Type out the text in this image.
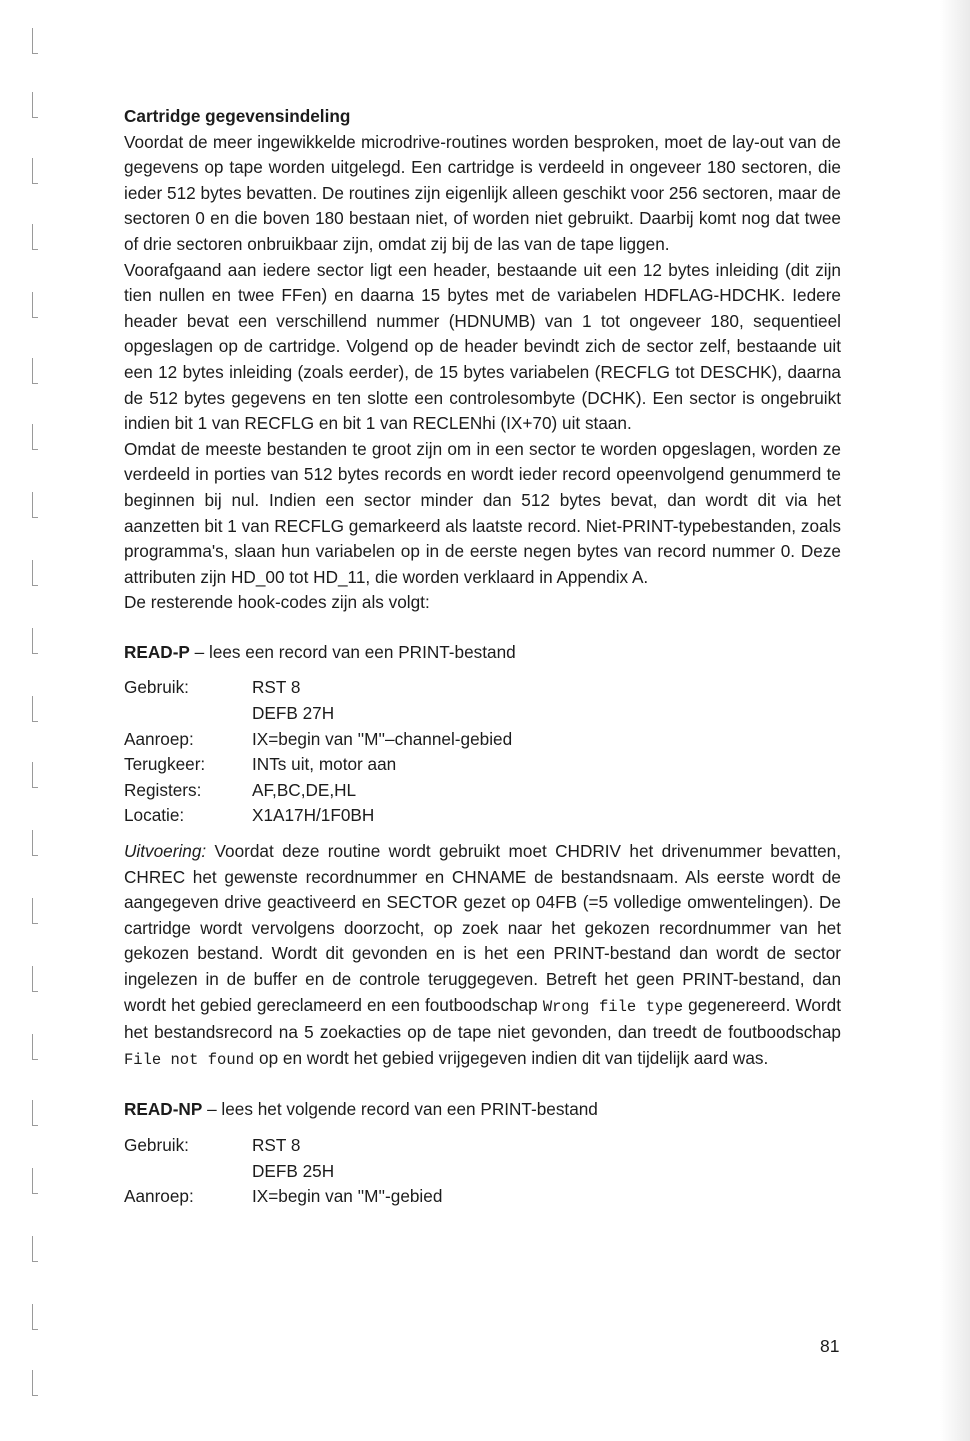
Cartridge gegevensindeling

Voordat de meer ingewikkelde microdrive-routines worden besproken, moet de lay-out van de gegevens op tape worden uitgelegd. Een cartridge is verdeeld in ongeveer 180 sectoren, die ieder 512 bytes bevatten. De routines zijn eigenlijk alleen geschikt voor 256 sectoren, maar de sectoren 0 en die boven 180 bestaan niet, of worden niet gebruikt. Daarbij komt nog dat twee of drie sectoren onbruikbaar zijn, omdat zij bij de las van de tape liggen.

Voorafgaand aan iedere sector ligt een header, bestaande uit een 12 bytes inleiding (dit zijn tien nullen en twee FFen) en daarna 15 bytes met de variabelen HDFLAG-HDCHK. Iedere header bevat een verschillend nummer (HDNUMB) van 1 tot ongeveer 180, sequentieel opgeslagen op de cartridge. Volgend op de header bevindt zich de sector zelf, bestaande uit een 12 bytes inleiding (zoals eerder), de 15 bytes variabelen (RECFLG tot DESCHK), daarna de 512 bytes gegevens en ten slotte een controlesombyte (DCHK). Een sector is ongebruikt indien bit 1 van RECFLG en bit 1 van RECLENhi (IX+70) uit staan.

Omdat de meeste bestanden te groot zijn om in een sector te worden opgeslagen, worden ze verdeeld in porties van 512 bytes records en wordt ieder record opeenvolgend genummerd te beginnen bij nul. Indien een sector minder dan 512 bytes bevat, dan wordt dit via het aanzetten bit 1 van RECFLG gemarkeerd als laatste record. Niet-PRINT-typebestanden, zoals programma's, slaan hun variabelen op in de eerste negen bytes van record nummer 0. Deze attributen zijn HD_00 tot HD_11, die worden verklaard in Appendix A.

De resterende hook-codes zijn als volgt:

READ-P – lees een record van een PRINT-bestand

Gebruik:	RST 8
	DEFB 27H
Aanroep:	IX=begin van ''M''–channel-gebied
Terugkeer:	INTs uit, motor aan
Registers:	AF,BC,DE,HL
Locatie:	X1A17H/1F0BH

Uitvoering: Voordat deze routine wordt gebruikt moet CHDRIV het drivenummer bevatten, CHREC het gewenste recordnummer en CHNAME de bestandsnaam. Als eerste wordt de aangegeven drive geactiveerd en SECTOR gezet op 04FB (=5 volledige omwentelingen). De cartridge wordt vervolgens doorzocht, op zoek naar het gekozen recordnummer van het gekozen bestand. Wordt dit gevonden en is het een PRINT-bestand dan wordt de sector ingelezen in de buffer en de controle teruggegeven. Betreft het geen PRINT-bestand, dan wordt het gebied gereclameerd en een foutboodschap Wrong file type gegenereerd. Wordt het bestandsrecord na 5 zoekacties op de tape niet gevonden, dan treedt de foutboodschap File not found op en wordt het gebied vrijgegeven indien dit van tijdelijk aard was.

READ-NP – lees het volgende record van een PRINT-bestand

Gebruik:	RST 8
	DEFB 25H
Aanroep:	IX=begin van ''M''-gebied
81
